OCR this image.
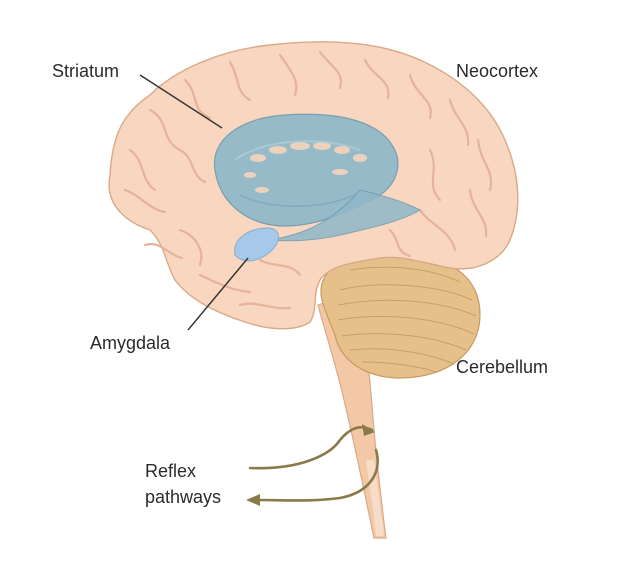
Striatum	Neocortex
Amygdala
Cerebellum
Reflex
pathways
